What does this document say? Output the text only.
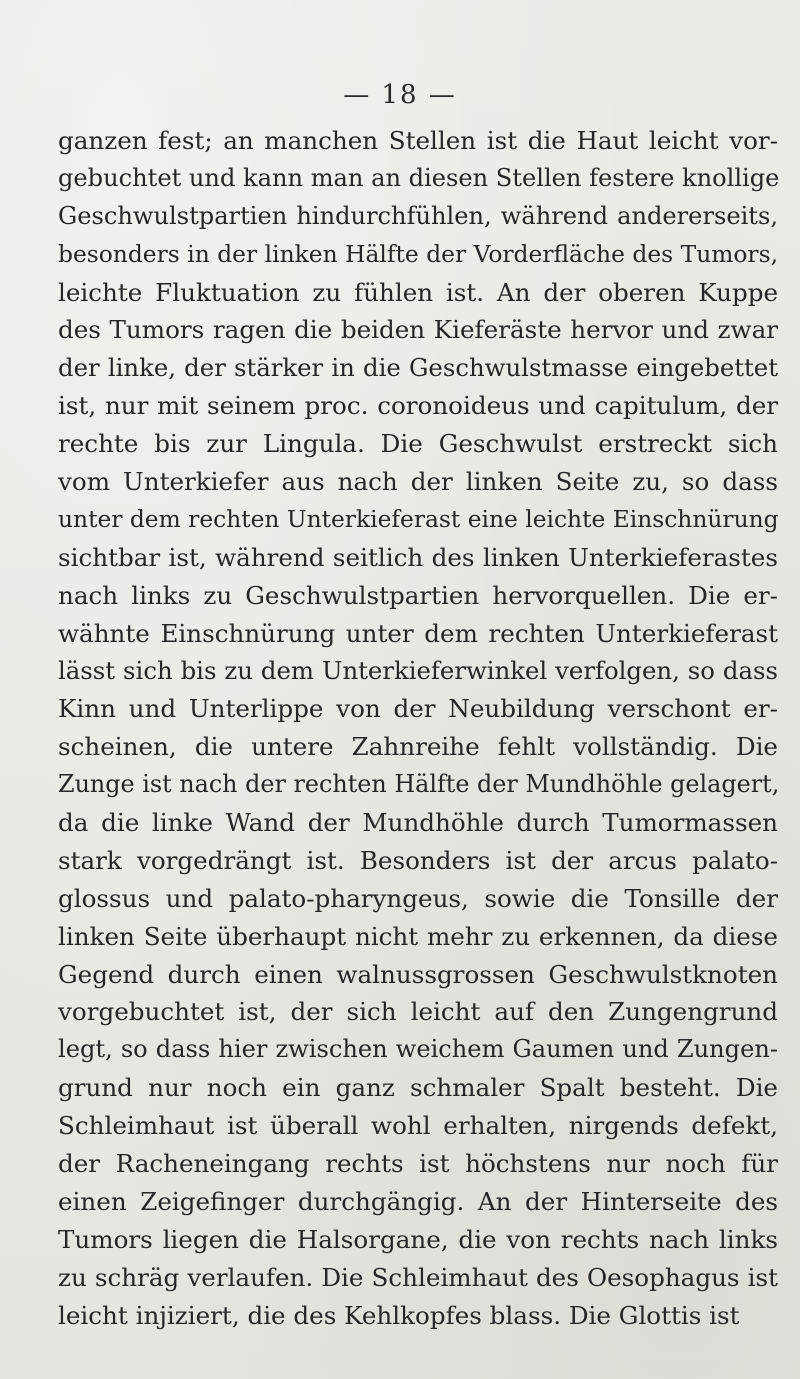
— 18 —
ganzen fest; an manchen Stellen ist die Haut leicht vor-
gebuchtet und kann man an diesen Stellen festere knollige
Geschwulstpartien hindurchfühlen, während andererseits,
besonders in der linken Hälfte der Vorderfläche des Tumors,
leichte Fluktuation zu fühlen ist. An der oberen Kuppe
des Tumors ragen die beiden Kieferäste hervor und zwar
der linke, der stärker in die Geschwulstmasse eingebettet
ist, nur mit seinem proc. coronoideus und capitulum, der
rechte bis zur Lingula. Die Geschwulst erstreckt sich
vom Unterkiefer aus nach der linken Seite zu, so dass
unter dem rechten Unterkieferast eine leichte Einschnürung
sichtbar ist, während seitlich des linken Unterkieferastes
nach links zu Geschwulstpartien hervorquellen. Die er-
wähnte Einschnürung unter dem rechten Unterkieferast
lässt sich bis zu dem Unterkieferwinkel verfolgen, so dass
Kinn und Unterlippe von der Neubildung verschont er-
scheinen, die untere Zahnreihe fehlt vollständig. Die
Zunge ist nach der rechten Hälfte der Mundhöhle gelagert,
da die linke Wand der Mundhöhle durch Tumormassen
stark vorgedrängt ist. Besonders ist der arcus palato-
glossus und palato-pharyngeus, sowie die Tonsille der
linken Seite überhaupt nicht mehr zu erkennen, da diese
Gegend durch einen walnussgrossen Geschwulstknoten
vorgebuchtet ist, der sich leicht auf den Zungengrund
legt, so dass hier zwischen weichem Gaumen und Zungen-
grund nur noch ein ganz schmaler Spalt besteht. Die
Schleimhaut ist überall wohl erhalten, nirgends defekt,
der Racheneingang rechts ist höchstens nur noch für
einen Zeigefinger durchgängig. An der Hinterseite des
Tumors liegen die Halsorgane, die von rechts nach links
zu schräg verlaufen. Die Schleimhaut des Oesophagus ist
leicht injiziert, die des Kehlkopfes blass. Die Glottis ist
